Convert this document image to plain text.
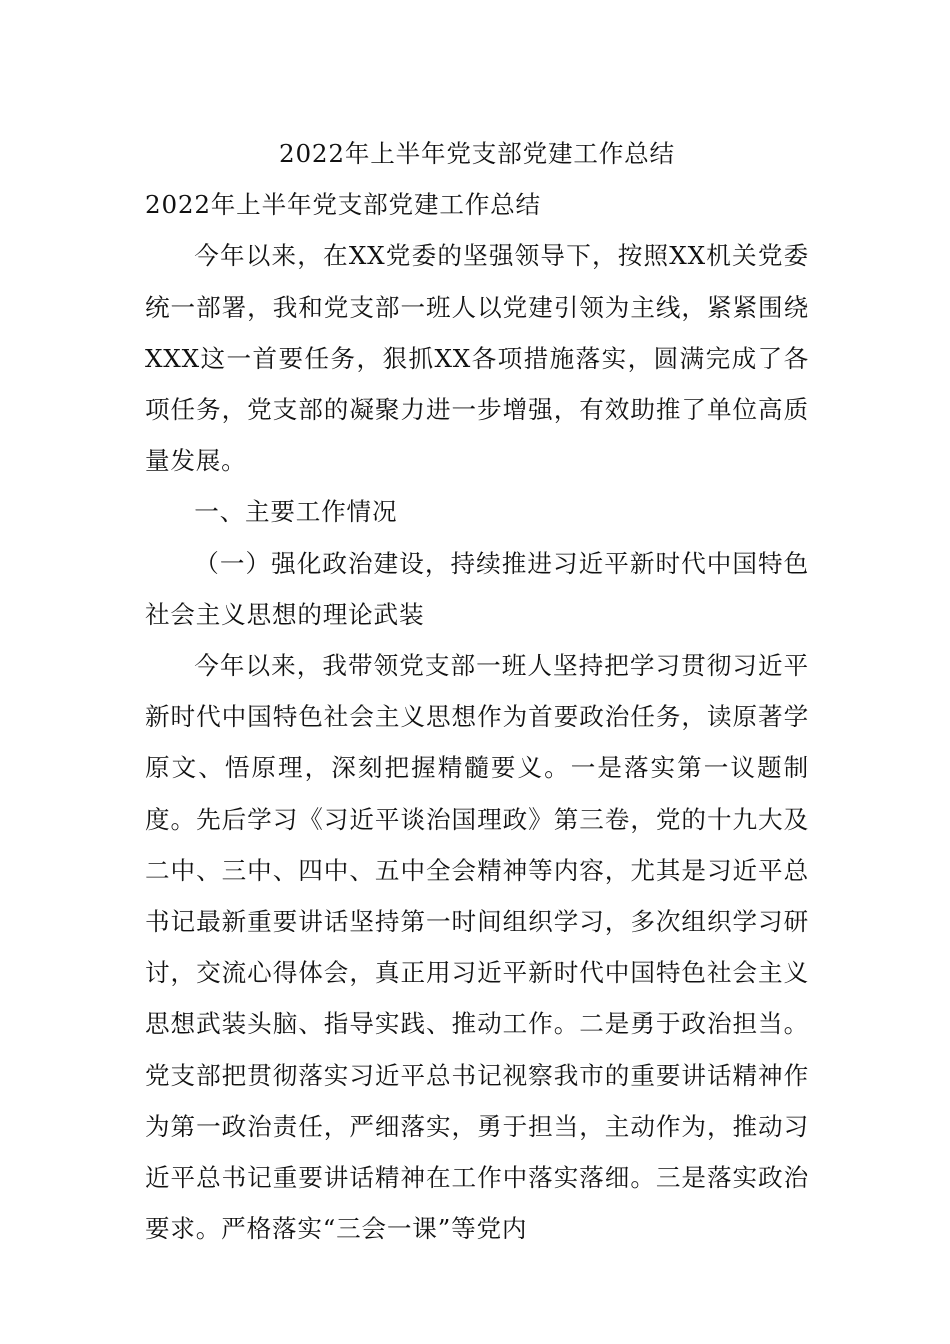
2022年上半年党支部党建工作总结

2022年上半年党支部党建工作总结

今年以来，在XX党委的坚强领导下，按照XX机关党委统一部署，我和党支部一班人以党建引领为主线，紧紧围绕XXX这一首要任务，狠抓XX各项措施落实，圆满完成了各项任务，党支部的凝聚力进一步增强，有效助推了单位高质量发展。

一、主要工作情况

（一）强化政治建设，持续推进习近平新时代中国特色社会主义思想的理论武装

今年以来，我带领党支部一班人坚持把学习贯彻习近平新时代中国特色社会主义思想作为首要政治任务，读原著学原文、悟原理，深刻把握精髓要义。一是落实第一议题制度。先后学习《习近平谈治国理政》第三卷，党的十九大及二中、三中、四中、五中全会精神等内容，尤其是习近平总书记最新重要讲话坚持第一时间组织学习，多次组织学习研讨，交流心得体会，真正用习近平新时代中国特色社会主义思想武装头脑、指导实践、推动工作。二是勇于政治担当。党支部把贯彻落实习近平总书记视察我市的重要讲话精神作为第一政治责任，严细落实，勇于担当，主动作为，推动习近平总书记重要讲话精神在工作中落实落细。三是落实政治要求。严格落实“三会一课”等党内
